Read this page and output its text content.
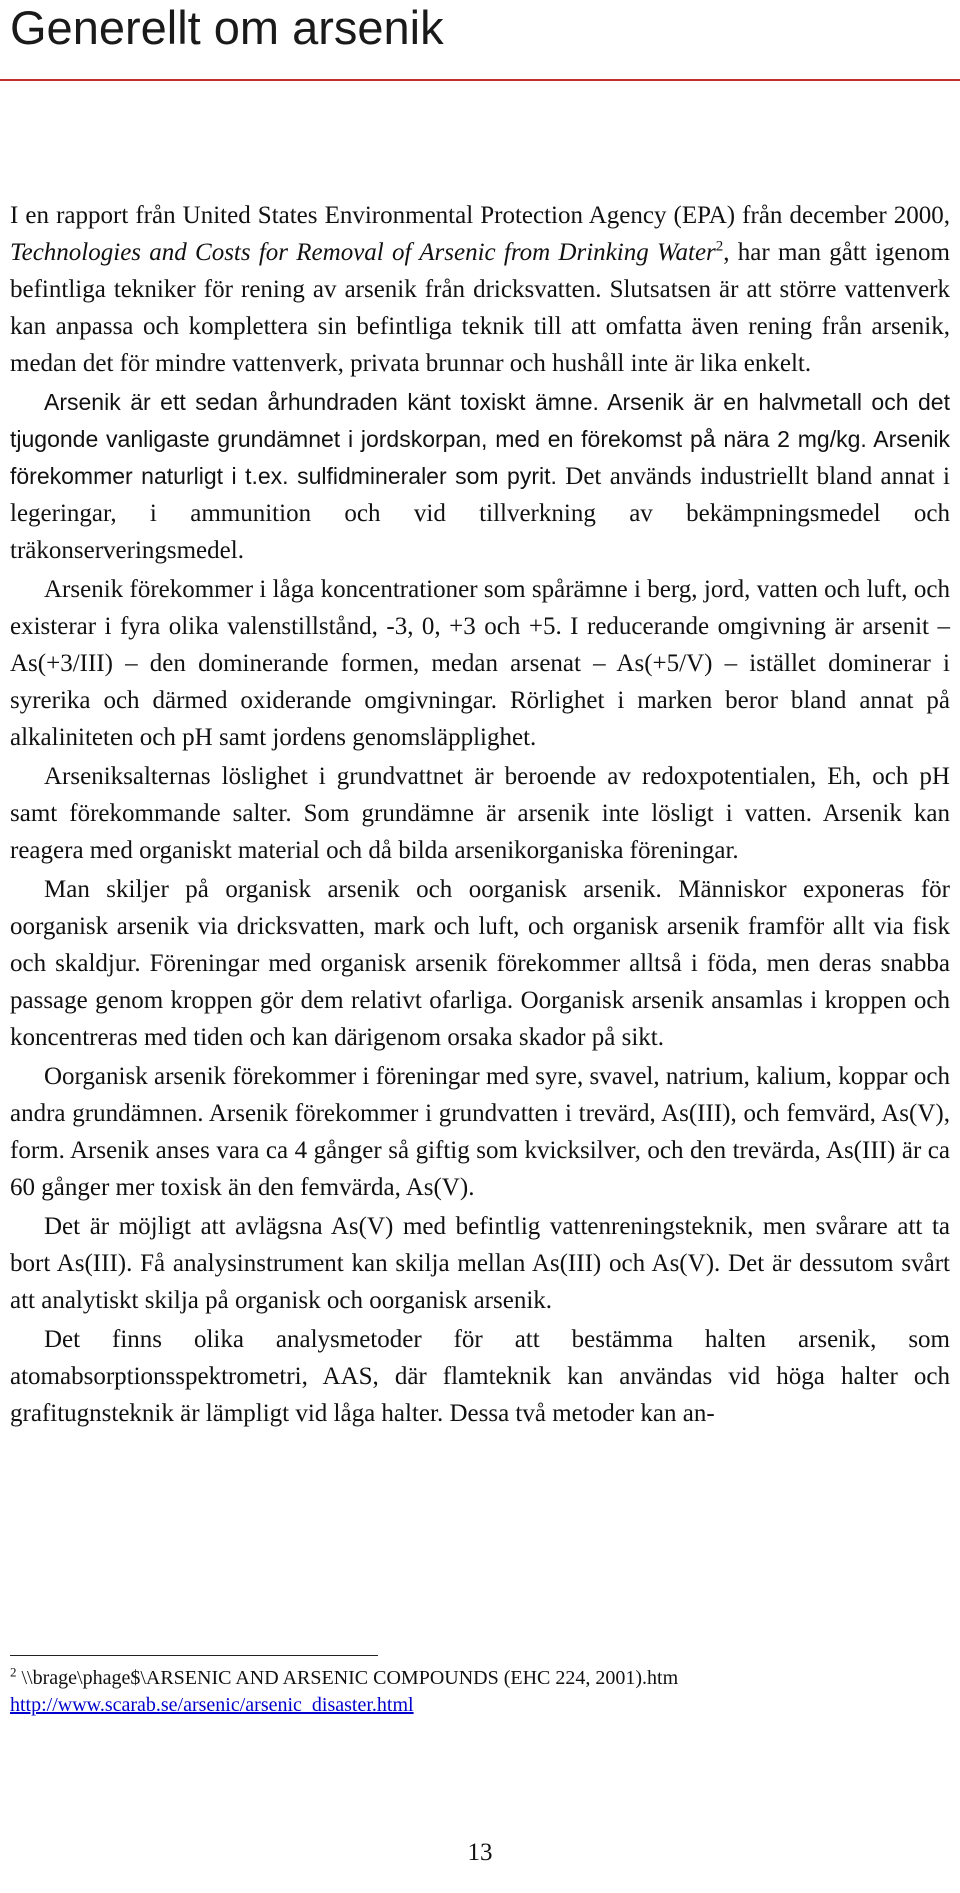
Generellt om arsenik

I en rapport från United States Environmental Protection Agency (EPA) från december 2000, Technologies and Costs for Removal of Arsenic from Drinking Water$^2$, har man gått igenom befintliga tekniker för rening av arsenik från dricksvatten. Slutsatsen är att större vattenverk kan anpassa och komplettera sin befintliga teknik till att omfatta även rening från arsenik, medan det för mindre vattenverk, privata brunnar och hushåll inte är lika enkelt.

Arsenik är ett sedan århundraden känt toxiskt ämne. Arsenik är en halvmetall och det tjugonde vanligaste grundämnet i jordskorpan, med en förekomst på nära 2 mg/kg. Arsenik förekommer naturligt i t.ex. sulfidmineraler som pyrit. Det används industriellt bland annat i legeringar, i ammunition och vid tillverkning av bekämpningsmedel och träkonserveringsmedel.

Arsenik förekommer i låga koncentrationer som spårämne i berg, jord, vatten och luft, och existerar i fyra olika valenstillstånd, -3, 0, +3 och +5. I reducerande omgivning är arsenit – As(+3/III) – den dominerande formen, medan arsenat – As(+5/V) – istället dominerar i syrerika och därmed oxiderande omgivningar. Rörlighet i marken beror bland annat på alkaliniteten och pH samt jordens genomsläpplighet.

Arseniksalternas löslighet i grundvattnet är beroende av redoxpotentialen, Eh, och pH samt förekommande salter. Som grundämne är arsenik inte lösligt i vatten. Arsenik kan reagera med organiskt material och då bilda arsenikorganiska föreningar.

Man skiljer på organisk arsenik och oorganisk arsenik. Människor exponeras för oorganisk arsenik via dricksvatten, mark och luft, och organisk arsenik framför allt via fisk och skaldjur. Föreningar med organisk arsenik förekommer alltså i föda, men deras snabba passage genom kroppen gör dem relativt ofarliga. Oorganisk arsenik ansamlas i kroppen och koncentreras med tiden och kan därigenom orsaka skador på sikt.

Oorganisk arsenik förekommer i föreningar med syre, svavel, natrium, kalium, koppar och andra grundämnen. Arsenik förekommer i grundvatten i trevärd, As(III), och femvärd, As(V), form. Arsenik anses vara ca 4 gånger så giftig som kvicksilver, och den trevärda, As(III) är ca 60 gånger mer toxisk än den femvärda, As(V).

Det är möjligt att avlägsna As(V) med befintlig vattenreningsteknik, men svårare att ta bort As(III). Få analysinstrument kan skilja mellan As(III) och As(V). Det är dessutom svårt att analytiskt skilja på organisk och oorganisk arsenik.

Det finns olika analysmetoder för att bestämma halten arsenik, som atomabsorptionsspektrometri, AAS, där flamteknik kan användas vid höga halter och grafitugnsteknik är lämpligt vid låga halter. Dessa två metoder kan an-

$^2$ \\brage\phage$\ARSENIC AND ARSENIC COMPOUNDS (EHC 224, 2001).htm

http://www.scarab.se/arsenic/arsenic_disaster.html

13
